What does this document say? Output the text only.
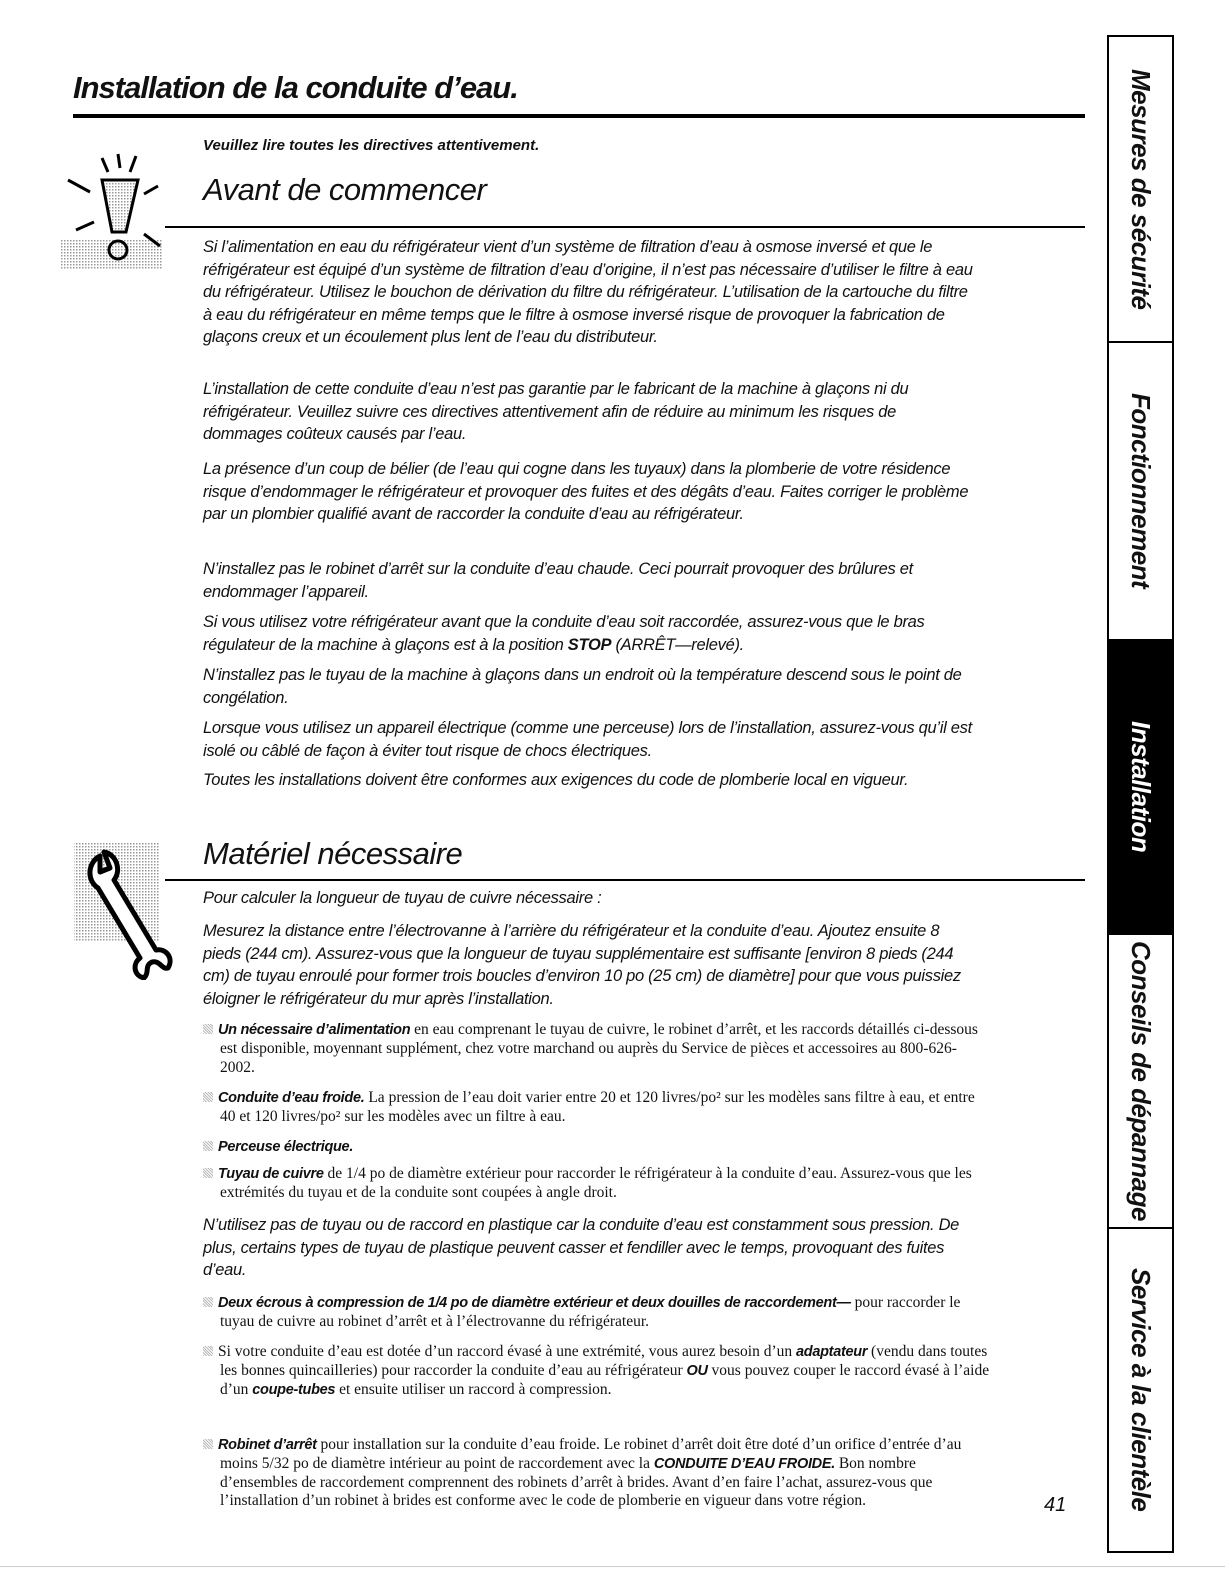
Installation de la conduite d’eau.
Veuillez lire toutes les directives attentivement.
Avant de commencer

Si l’alimentation en eau du réfrigérateur vient d’un système de filtration d’eau à osmose inversé et que le réfrigérateur est équipé d’un système de filtration d’eau d’origine, il n’est pas nécessaire d’utiliser le filtre à eau du réfrigérateur. Utilisez le bouchon de dérivation du filtre du réfrigérateur. L’utilisation de la cartouche du filtre à eau du réfrigérateur en même temps que le filtre à osmose inversé risque de provoquer la fabrication de glaçons creux et un écoulement plus lent de l’eau du distributeur.

L’installation de cette conduite d’eau n’est pas garantie par le fabricant de la machine à glaçons ni du réfrigérateur. Veuillez suivre ces directives attentivement afin de réduire au minimum les risques de dommages coûteux causés par l’eau.

La présence d’un coup de bélier (de l’eau qui cogne dans les tuyaux) dans la plomberie de votre résidence risque d’endommager le réfrigérateur et provoquer des fuites et des dégâts d’eau. Faites corriger le problème par un plombier qualifié avant de raccorder la conduite d’eau au réfrigérateur.

N’installez pas le robinet d’arrêt sur la conduite d’eau chaude. Ceci pourrait provoquer des brûlures et endommager l’appareil.

Si vous utilisez votre réfrigérateur avant que la conduite d’eau soit raccordée, assurez-vous que le bras régulateur de la machine à glaçons est à la position STOP (ARRÊT—relevé).

N’installez pas le tuyau de la machine à glaçons dans un endroit où la température descend sous le point de congélation.

Lorsque vous utilisez un appareil électrique (comme une perceuse) lors de l’installation, assurez-vous qu’il est isolé ou câblé de façon à éviter tout risque de chocs électriques.

Toutes les installations doivent être conformes aux exigences du code de plomberie local en vigueur.

Matériel nécessaire

Pour calculer la longueur de tuyau de cuivre nécessaire :

Mesurez la distance entre l’électrovanne à l’arrière du réfrigérateur et la conduite d’eau. Ajoutez ensuite 8 pieds (244 cm). Assurez-vous que la longueur de tuyau supplémentaire est suffisante [environ 8 pieds (244 cm) de tuyau enroulé pour former trois boucles d’environ 10 po (25 cm) de diamètre] pour que vous puissiez éloigner le réfrigérateur du mur après l’installation.

Un nécessaire d’alimentation en eau comprenant le tuyau de cuivre, le robinet d’arrêt, et les raccords détaillés ci-dessous est disponible, moyennant supplément, chez votre marchand ou auprès du Service de pièces et accessoires au 800-626-2002.

Conduite d’eau froide. La pression de l’eau doit varier entre 20 et 120 livres/po² sur les modèles sans filtre à eau, et entre 40 et 120 livres/po² sur les modèles avec un filtre à eau.

Perceuse électrique.

Tuyau de cuivre de 1/4 po de diamètre extérieur pour raccorder le réfrigérateur à la conduite d’eau. Assurez-vous que les extrémités du tuyau et de la conduite sont coupées à angle droit.

N’utilisez pas de tuyau ou de raccord en plastique car la conduite d’eau est constamment sous pression. De plus, certains types de tuyau de plastique peuvent casser et fendiller avec le temps, provoquant des fuites d’eau.

Deux écrous à compression de 1/4 po de diamètre extérieur et deux douilles de raccordement— pour raccorder le tuyau de cuivre au robinet d’arrêt et à l’électrovanne du réfrigérateur.

Si votre conduite d’eau est dotée d’un raccord évasé à une extrémité, vous aurez besoin d’un adaptateur (vendu dans toutes les bonnes quincailleries) pour raccorder la conduite d’eau au réfrigérateur OU vous pouvez couper le raccord évasé à l’aide d’un coupe-tubes et ensuite utiliser un raccord à compression.

Robinet d’arrêt pour installation sur la conduite d’eau froide. Le robinet d’arrêt doit être doté d’un orifice d’entrée d’au moins 5/32 po de diamètre intérieur au point de raccordement avec la CONDUITE D’EAU FROIDE. Bon nombre d’ensembles de raccordement comprennent des robinets d’arrêt à brides. Avant d’en faire l’achat, assurez-vous que l’installation d’un robinet à brides est conforme avec le code de plomberie en vigueur dans votre région.	41
Mesures de sécurité
Fonctionnement
Installation
Conseils de dépannage
Service à la clientèle
